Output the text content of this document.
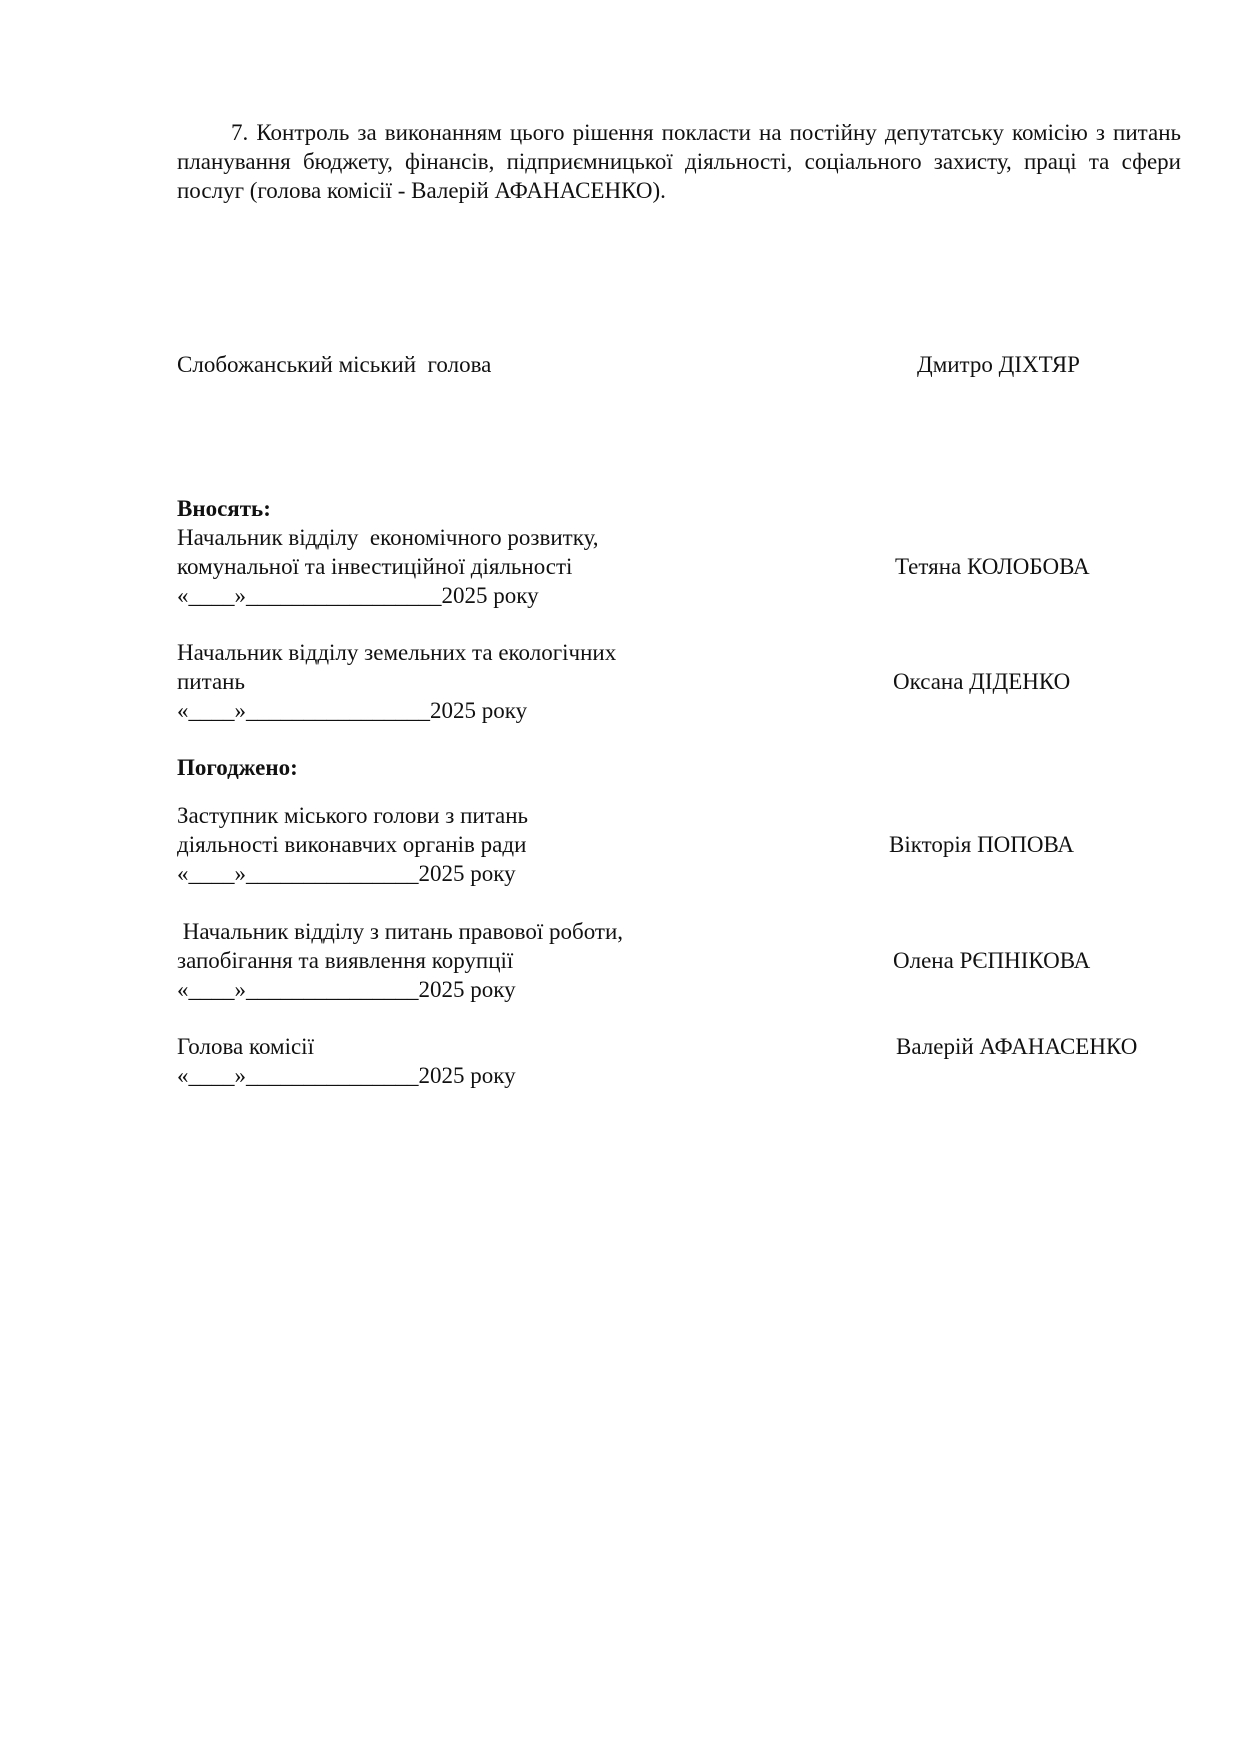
7. Контроль за виконанням цього рішення покласти на постійну депутатську комісію з питань планування бюджету, фінансів, підприємницької діяльності, соціального захисту, праці та сфери послуг (голова комісії - Валерій АФАНАСЕНКО).
Слобожанський міський  голова	Дмитро ДІХТЯР
Вносять:
Начальник відділу  економічного розвитку,
комунальної та інвестиційної діяльності	Тетяна КОЛОБОВА
«____»_________________2025 року
Начальник відділу земельних та екологічних
питань	Оксана ДІДЕНКО
«____»________________2025 року
Погоджено:
Заступник міського голови з питань
діяльності виконавчих органів ради	Вікторія ПОПОВА
«____»_______________2025 року
Начальник відділу з питань правової роботи,
запобігання та виявлення корупції	Олена РЄПНІКОВА
«____»_______________2025 року
Голова комісії	Валерій АФАНАСЕНКО
«____»_______________2025 року
